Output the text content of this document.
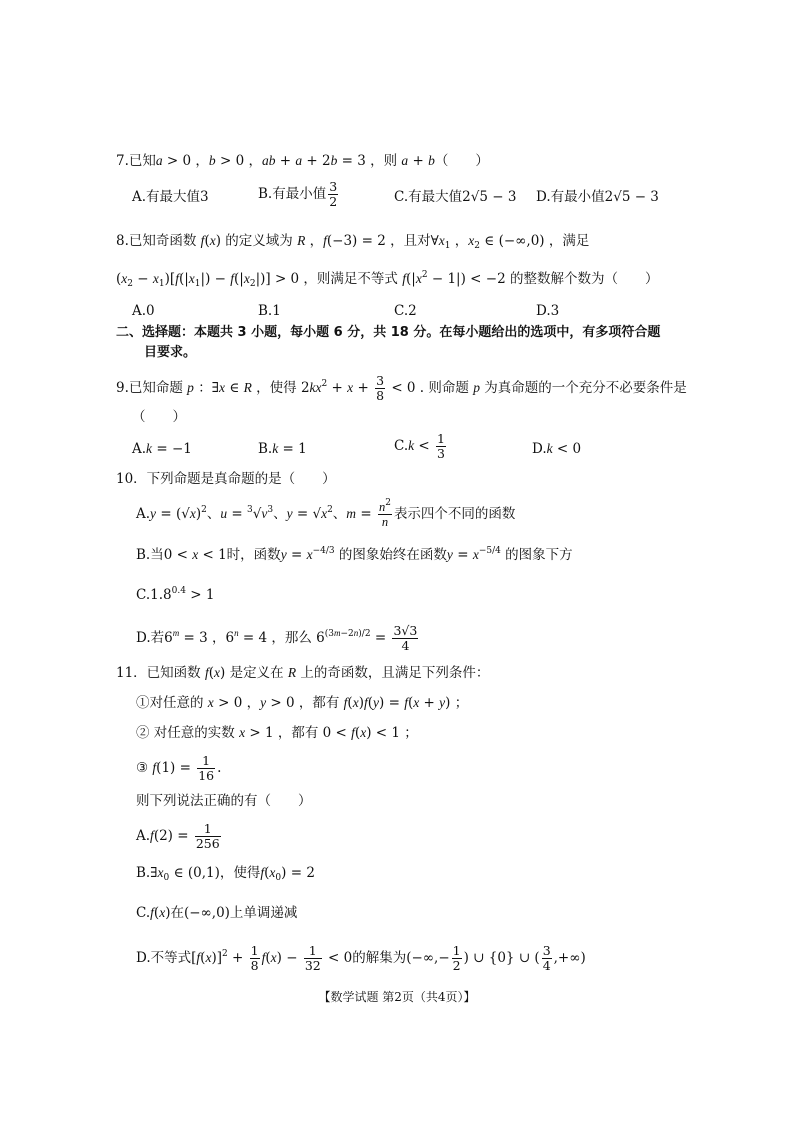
7.已知a > 0 ，b > 0 ，ab + a + 2b = 3 ，则 a + b（　　）
A.有最大值3	B.有最小值 $\frac{3}{2}$	C.有最大值2√5 − 3 D.有最小值2√5 − 3
8.已知奇函数 f(x) 的定义域为 R ，f(−3) = 2 ，且对$\forall x_1$ ，$x_2$ ∈ (−∞,0) ，满足
$(x_2 - x_1)[f(|x_1|) - f(|x_2|)] > 0$ ，则满足不等式 $f(|x^2 - 1|) < -2$ 的整数解个数为（　　）
A.0	B.1	C.2	D.3
二、选择题：本题共 3 小题，每小题 6 分，共 18 分。在每小题给出的选项中，有多项符合题
目要求。
9.已知命题 p ：∃x ∈ R ，使得 $2kx^2 + x + \frac{3}{8} < 0$ . 则命题 p 为真命题的一个充分不必要条件是
（　　）
A.k = −1	B.k = 1	$C.k < \frac{1}{3}$	D.k < 0
10．下列命题是真命题的是（　　）
$A.y = (√x)^2$、$u = ^3√v^3$、$y = √x^2$、$m = \frac{n^2}{n}$ 表示四个不同的函数
B.当0 < x < 1时，函数$y = x^{-4/3}$ 的图象始终在函数$y = x^{-5/4}$ 的图象下方
$C.1.8^{0.4} > 1$
D.若$6^m = 3$ ，$6^n = 4$ ，那么 $6^{(3m-2n)/2} = \frac{3√3}{4}$
11．已知函数 f(x) 是定义在 R 上的奇函数，且满足下列条件：
①对任意的 x > 0 ，y > 0 ，都有 f(x)f(y) = f(x + y) ；
② 对任意的实数 x > 1 ，都有 0 < f(x) < 1 ；
③ $f(1) = \frac{1}{16}$ .
则下列说法正确的有（　　）
$A.f(2) = \frac{1}{256}$
$B.\exists x_0$ ∈ (0,1)，使得$f(x_0) = 2$
C.f(x)在(−∞,0)上单调递减
D.不等式$[f(x)]^2 + \frac{1}{8} f(x) - \frac{1}{32} < 0$的解集为(−∞,− $\frac{1}{2}$ ) ∪ {0} ∪ ( $\frac{3}{4}$ ,+∞)
【数学试题 第2页（共4页）】
